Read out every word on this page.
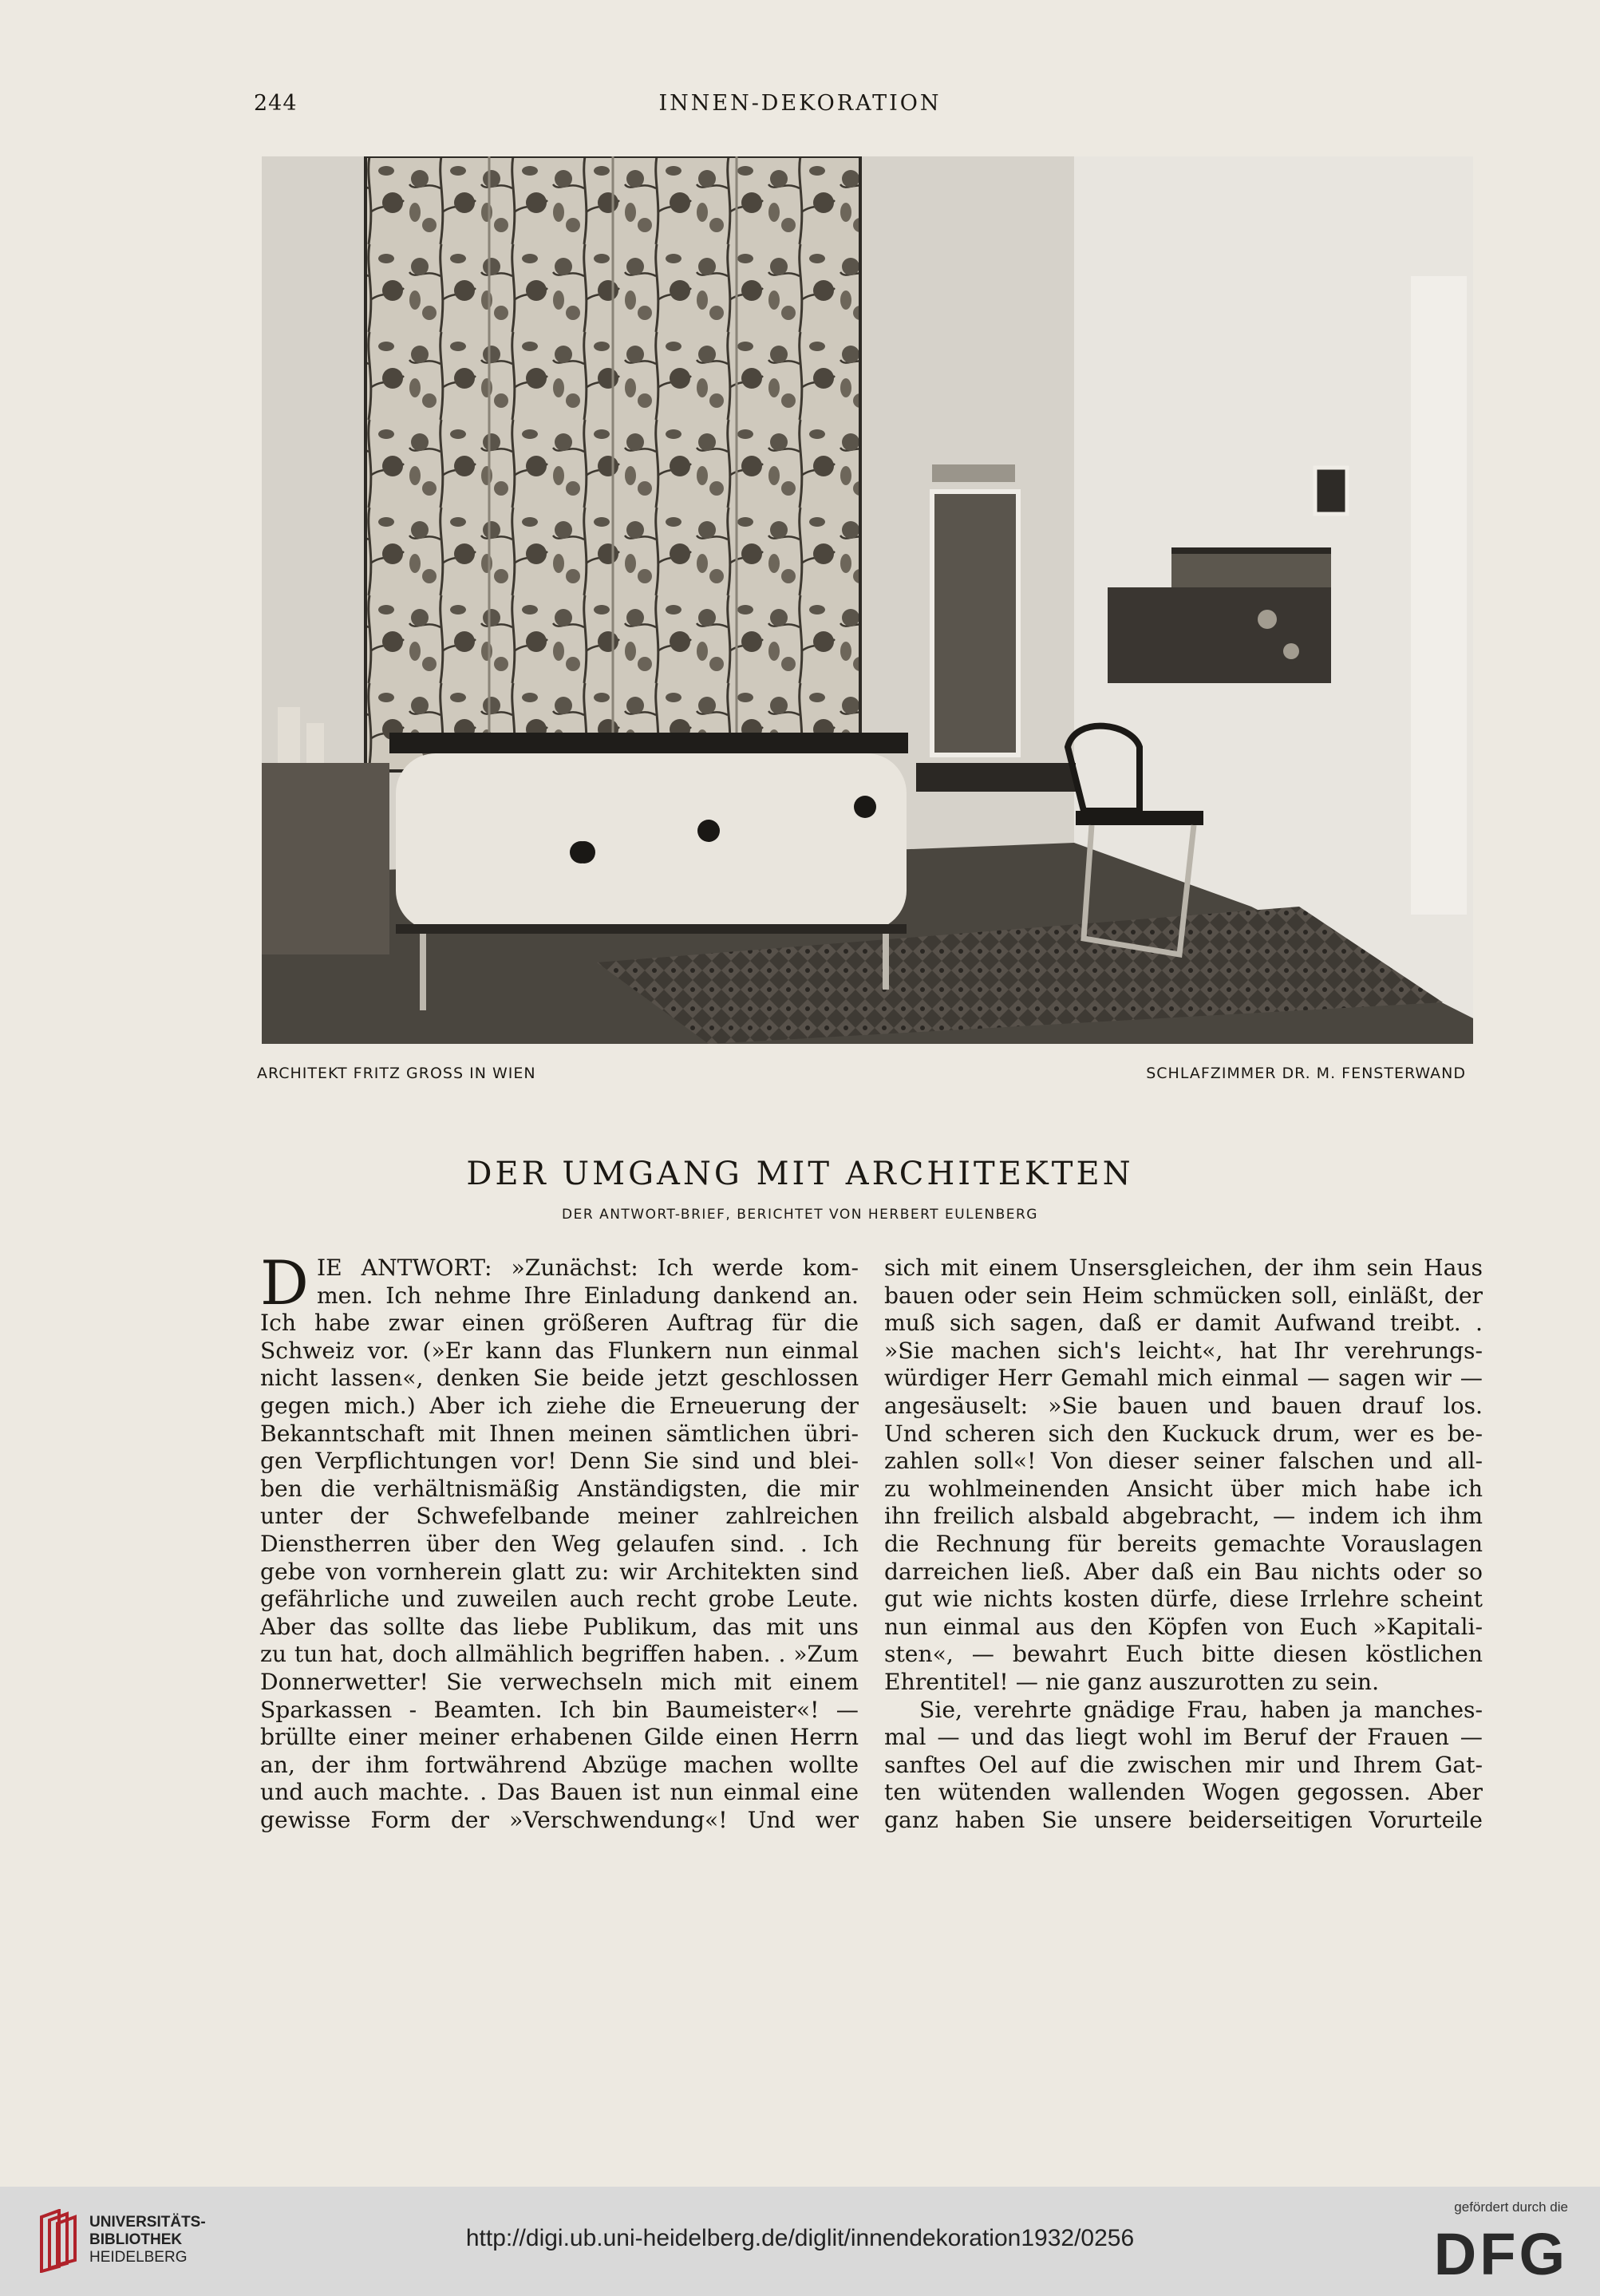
244	INNEN-DEKORATION
ARCHITEKT FRITZ GROSS IN WIEN	SCHLAFZIMMER DR. M. FENSTERWAND
DER UMGANG MIT ARCHITEKTEN
DER ANTWORT-BRIEF, BERICHTET VON HERBERT EULENBERG
D IE ANTWORT: »Zunächst: Ich werde kom-
men. Ich nehme Ihre Einladung dankend an.
Ich habe zwar einen größeren Auftrag für die
Schweiz vor. (»Er kann das Flunkern nun einmal
nicht lassen«, denken Sie beide jetzt geschlossen
gegen mich.) Aber ich ziehe die Erneuerung der
Bekanntschaft mit Ihnen meinen sämtlichen übri-
gen Verpflichtungen vor! Denn Sie sind und blei-
ben die verhältnismäßig Anständigsten, die mir
unter der Schwefelbande meiner zahlreichen
Dienstherren über den Weg gelaufen sind. . Ich
gebe von vornherein glatt zu: wir Architekten sind
gefährliche und zuweilen auch recht grobe Leute.
Aber das sollte das liebe Publikum, das mit uns
zu tun hat, doch allmählich begriffen haben. . »Zum
Donnerwetter! Sie verwechseln mich mit einem
Sparkassen - Beamten. Ich bin Baumeister«! —
brüllte einer meiner erhabenen Gilde einen Herrn
an, der ihm fortwährend Abzüge machen wollte
und auch machte. . Das Bauen ist nun einmal eine
gewisse Form der »Verschwendung«! Und wer
sich mit einem Unsersgleichen, der ihm sein Haus
bauen oder sein Heim schmücken soll, einläßt, der
muß sich sagen, daß er damit Aufwand treibt. .
»Sie machen sich's leicht«, hat Ihr verehrungs-
würdiger Herr Gemahl mich einmal — sagen wir —
angesäuselt: »Sie bauen und bauen drauf los.
Und scheren sich den Kuckuck drum, wer es be-
zahlen soll«! Von dieser seiner falschen und all-
zu wohlmeinenden Ansicht über mich habe ich
ihn freilich alsbald abgebracht, — indem ich ihm
die Rechnung für bereits gemachte Vorauslagen
darreichen ließ. Aber daß ein Bau nichts oder so
gut wie nichts kosten dürfe, diese Irrlehre scheint
nun einmal aus den Köpfen von Euch »Kapitali-
sten«, — bewahrt Euch bitte diesen köstlichen
Ehrentitel! — nie ganz auszurotten zu sein.
Sie, verehrte gnädige Frau, haben ja manches-
mal — und das liegt wohl im Beruf der Frauen —
sanftes Oel auf die zwischen mir und Ihrem Gat-
ten wütenden wallenden Wogen gegossen. Aber
ganz haben Sie unsere beiderseitigen Vorurteile
UNIVERSITÄTS-
BIBLIOTHEK
HEIDELBERG
http://digi.ub.uni-heidelberg.de/diglit/innendekoration1932/0256
gefördert durch die
DFG
